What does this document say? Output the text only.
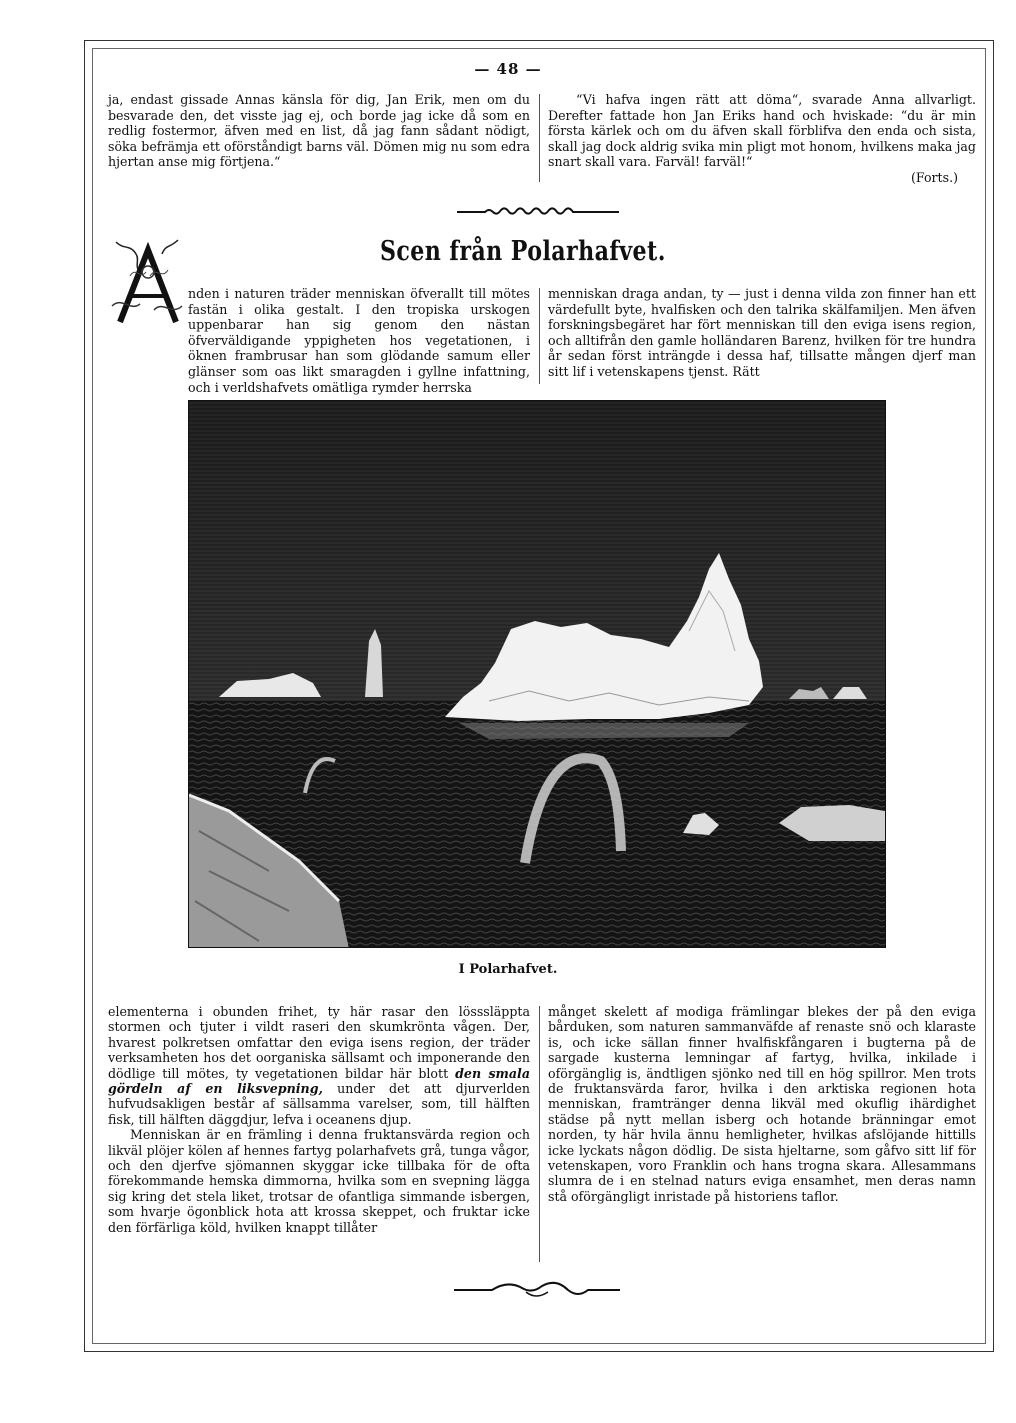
— 48 —

ja, endast gissade Annas känsla för dig, Jan Erik, men om du besvarade den, det visste jag ej, och borde jag icke då som en redlig fostermor, äfven med en list, då jag fann sådant nödigt, söka befrämja ett oförståndigt barns väl. Dömen mig nu som edra hjertan anse mig förtjena.“

“Vi hafva ingen rätt att döma“, svarade Anna allvarligt. Derefter fattade hon Jan Eriks hand och hviskade: “du är min första kärlek och om du äfven skall förblifva den enda och sista, skall jag dock aldrig svika min pligt mot honom, hvilkens maka jag snart skall vara. Farväl! farväl!“

(Forts.)

Scen från Polarhafvet.

nden i naturen träder menniskan öfverallt till mötes fastän i olika gestalt. I den tropiska urskogen uppenbarar han sig genom den nästan öfverväldigande yppigheten hos vegetationen, i öknen frambrusar han som glödande samum eller glänser som oas likt smaragden i gyllne infattning, och i verldshafvets omätliga rymder herrska

menniskan draga andan, ty — just i denna vilda zon finner han ett värdefullt byte, hvalfisken och den talrika skälfamiljen. Men äfven forskningsbegäret har fört menniskan till den eviga isens region, och alltifrån den gamle holländaren Barenz, hvilken för tre hundra år sedan först inträngde i dessa haf, tillsatte mången djerf man sitt lif i vetenskapens tjenst. Rätt

I Polarhafvet.

elementerna i obunden frihet, ty här rasar den lösssläppta stormen och tjuter i vildt raseri den skumkrönta vågen. Der, hvarest polkretsen omfattar den eviga isens region, der träder verksamheten hos det oorganiska sällsamt och imponerande den dödlige till mötes, ty vegetationen bildar här blott den smala gördeln af en liksvepning, under det att djurverlden hufvudsakligen består af sällsamma varelser, som, till hälften fisk, till hälften däggdjur, lefva i oceanens djup.

Menniskan är en främling i denna fruktansvärda region och likväl plöjer kölen af hennes fartyg polarhafvets grå, tunga vågor, och den djerfve sjömannen skyggar icke tillbaka för de ofta förekommande hemska dimmorna, hvilka som en svepning lägga sig kring det stela liket, trotsar de ofantliga simmande isbergen, som hvarje ögonblick hota att krossa skeppet, och fruktar icke den förfärliga köld, hvilken knappt tillåter

månget skelett af modiga främlingar blekes der på den eviga bårduken, som naturen sammanväfde af renaste snö och klaraste is, och icke sällan finner hvalfiskfångaren i bugterna på de sargade kusterna lemningar af fartyg, hvilka, inkilade i oförgänglig is, ändtligen sjönko ned till en hög spillror. Men trots de fruktansvärda faror, hvilka i den arktiska regionen hota menniskan, framtränger denna likväl med okuflig ihärdighet städse på nytt mellan isberg och hotande bränningar emot norden, ty här hvila ännu hemligheter, hvilkas afslöjande hittills icke lyckats någon dödlig. De sista hjeltarne, som gåfvo sitt lif för vetenskapen, voro Franklin och hans trogna skara. Allesammans slumra de i en stelnad naturs eviga ensamhet, men deras namn stå oförgängligt inristade på historiens taflor.
